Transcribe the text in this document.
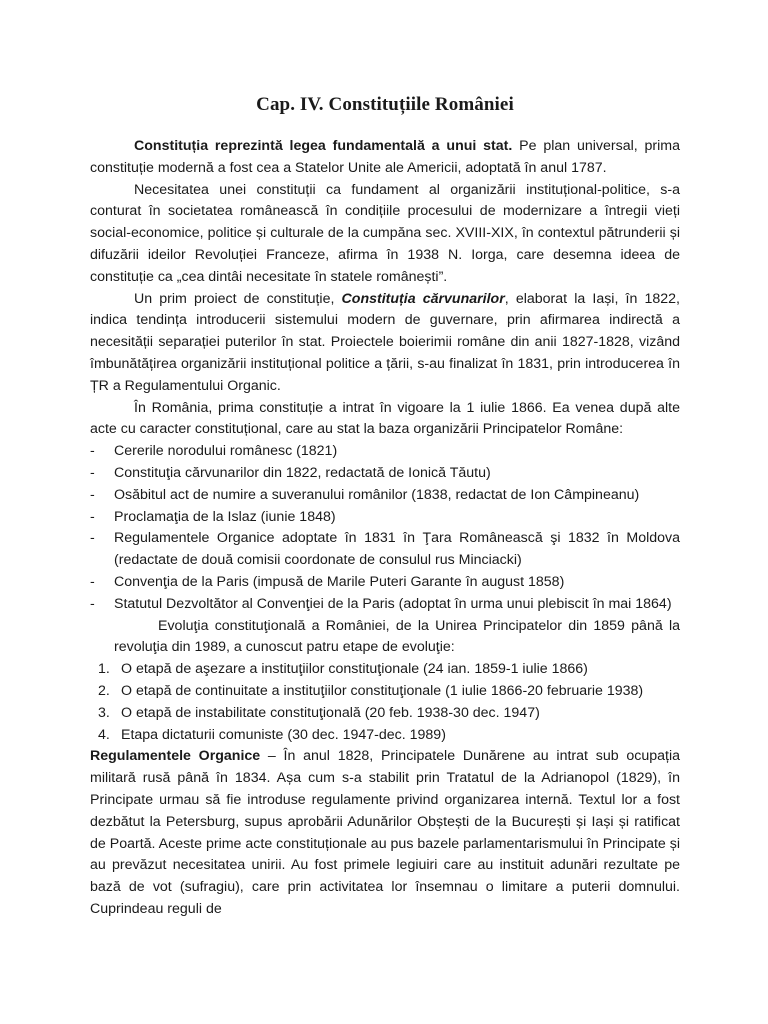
Cap. IV. Constituțiile României

Constituția reprezintă legea fundamentală a unui stat. Pe plan universal, prima constituție modernă a fost cea a Statelor Unite ale Americii, adoptată în anul 1787.

Necesitatea unei constituții ca fundament al organizării instituțional-politice, s-a conturat în societatea românească în condițiile procesului de modernizare a întregii vieți social-economice, politice și culturale de la cumpăna sec. XVIII-XIX, în contextul pătrunderii și difuzării ideilor Revoluției Franceze, afirma în 1938 N. Iorga, care desemna ideea de constituție ca „cea dintâi necesitate în statele românești”.

Un prim proiect de constituție, Constituția cărvunarilor, elaborat la Iași, în 1822, indica tendința introducerii sistemului modern de guvernare, prin afirmarea indirectă a necesității separației puterilor în stat. Proiectele boierimii române din anii 1827-1828, vizând îmbunătățirea organizării instituțional politice a țării, s-au finalizat în 1831, prin introducerea în ȚR a Regulamentului Organic.

În România, prima constituție a intrat în vigoare la 1 iulie 1866. Ea venea după alte acte cu caracter constituțional, care au stat la baza organizării Principatelor Române:

-	Cererile norodului românesc (1821)
-	Constituţia cărvunarilor din 1822, redactată de Ionică Tăutu)
-	Osăbitul act de numire a suveranului românilor (1838, redactat de Ion Câmpineanu)
-	Proclamaţia de la Islaz (iunie 1848)
-	Regulamentele Organice adoptate în 1831 în Ţara Românească şi 1832 în Moldova (redactate de două comisii coordonate de consulul rus Minciacki)
-	Convenţia de la Paris (impusă de Marile Puteri Garante în august 1858)
-	Statutul Dezvoltător al Convenţiei de la Paris (adoptat în urma unui plebiscit în mai 1864)

Evoluţia constituţională a României, de la Unirea Principatelor din 1859 până la revoluţia din 1989, a cunoscut patru etape de evoluţie:

1. O etapă de aşezare a instituţiilor constituţionale (24 ian. 1859-1 iulie 1866)
2. O etapă de continuitate a instituţiilor constituţionale (1 iulie 1866-20 februarie 1938)
3. O etapă de instabilitate constituţională (20 feb. 1938-30 dec. 1947)
4. Etapa dictaturii comuniste (30 dec. 1947-dec. 1989)

Regulamentele Organice – În anul 1828, Principatele Dunărene au intrat sub ocupația militară rusă până în 1834. Așa cum s-a stabilit prin Tratatul de la Adrianopol (1829), în Principate urmau să fie introduse regulamente privind organizarea internă. Textul lor a fost dezbătut la Petersburg, supus aprobării Adunărilor Obștești de la București și Iași și ratificat de Poartă. Aceste prime acte constituționale au pus bazele parlamentarismului în Principate și au prevăzut necesitatea unirii. Au fost primele legiuiri care au instituit adunări rezultate pe bază de vot (sufragiu), care prin activitatea lor însemnau o limitare a puterii domnului. Cuprindeau reguli de
